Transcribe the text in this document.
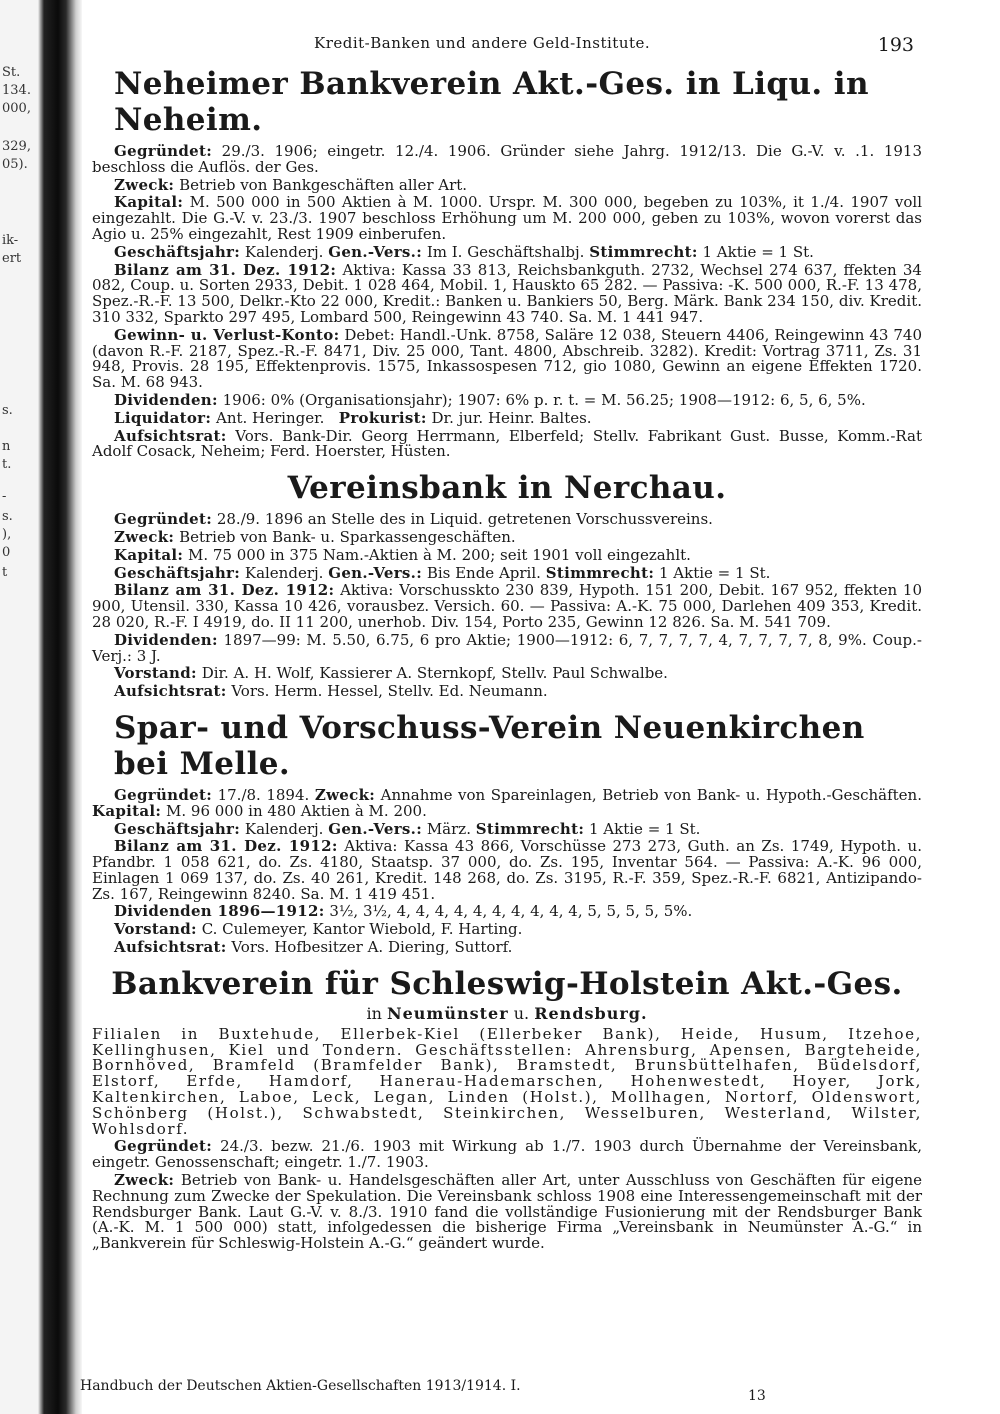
St.
134.
000,
329,
05).
ik-
ert
s.
n
t.
-
s.
),
0
t
Kredit-Banken und andere Geld-Institute.	193
Neheimer Bankverein Akt.-Ges. in Liqu. in Neheim.

Gegründet: 29./3. 1906; eingetr. 12./4. 1906. Gründer siehe Jahrg. 1912/13. Die G.-V. v. .1. 1913 beschloss die Auflös. der Ges.

Zweck: Betrieb von Bankgeschäften aller Art.

Kapital: M. 500 000 in 500 Aktien à M. 1000. Urspr. M. 300 000, begeben zu 103%, it 1./4. 1907 voll eingezahlt. Die G.-V. v. 23./3. 1907 beschloss Erhöhung um M. 200 000, geben zu 103%, wovon vorerst das Agio u. 25% eingezahlt, Rest 1909 einberufen.

Geschäftsjahr: Kalenderj. Gen.-Vers.: Im I. Geschäftshalbj. Stimmrecht: 1 Aktie = 1 St.

Bilanz am 31. Dez. 1912: Aktiva: Kassa 33 813, Reichsbankguth. 2732, Wechsel 274 637, ffekten 34 082, Coup. u. Sorten 2933, Debit. 1 028 464, Mobil. 1, Hauskto 65 282. — Passiva: -K. 500 000, R.-F. 13 478, Spez.-R.-F. 13 500, Delkr.-Kto 22 000, Kredit.: Banken u. Bankiers 50, Berg. Märk. Bank 234 150, div. Kredit. 310 332, Sparkto 297 495, Lombard 500, Reingewinn 43 740. Sa. M. 1 441 947.

Gewinn- u. Verlust-Konto: Debet: Handl.-Unk. 8758, Saläre 12 038, Steuern 4406, Reingewinn 43 740 (davon R.-F. 2187, Spez.-R.-F. 8471, Div. 25 000, Tant. 4800, Abschreib. 3282). Kredit: Vortrag 3711, Zs. 31 948, Provis. 28 195, Effektenprovis. 1575, Inkassospesen 712, gio 1080, Gewinn an eigene Effekten 1720. Sa. M. 68 943.

Dividenden: 1906: 0% (Organisationsjahr); 1907: 6% p. r. t. = M. 56.25; 1908—1912: 6, 5, 6, 5%.

Liquidator: Ant. Heringer. Prokurist: Dr. jur. Heinr. Baltes.

Aufsichtsrat: Vors. Bank-Dir. Georg Herrmann, Elberfeld; Stellv. Fabrikant Gust. Busse, Komm.-Rat Adolf Cosack, Neheim; Ferd. Hoerster, Hüsten.

Vereinsbank in Nerchau.

Gegründet: 28./9. 1896 an Stelle des in Liquid. getretenen Vorschussvereins.

Zweck: Betrieb von Bank- u. Sparkassengeschäften.

Kapital: M. 75 000 in 375 Nam.-Aktien à M. 200; seit 1901 voll eingezahlt.

Geschäftsjahr: Kalenderj. Gen.-Vers.: Bis Ende April. Stimmrecht: 1 Aktie = 1 St.

Bilanz am 31. Dez. 1912: Aktiva: Vorschusskto 230 839, Hypoth. 151 200, Debit. 167 952, ffekten 10 900, Utensil. 330, Kassa 10 426, vorausbez. Versich. 60. — Passiva: A.-K. 75 000, Darlehen 409 353, Kredit. 28 020, R.-F. I 4919, do. II 11 200, unerhob. Div. 154, Porto 235, Gewinn 12 826. Sa. M. 541 709.

Dividenden: 1897—99: M. 5.50, 6.75, 6 pro Aktie; 1900—1912: 6, 7, 7, 7, 7, 4, 7, 7, 7, 7, 8, 9%. Coup.-Verj.: 3 J.

Vorstand: Dir. A. H. Wolf, Kassierer A. Sternkopf, Stellv. Paul Schwalbe.

Aufsichtsrat: Vors. Herm. Hessel, Stellv. Ed. Neumann.

Spar- und Vorschuss-Verein Neuenkirchen bei Melle.

Gegründet: 17./8. 1894. Zweck: Annahme von Spareinlagen, Betrieb von Bank- u. Hypoth.-Geschäften. Kapital: M. 96 000 in 480 Aktien à M. 200.

Geschäftsjahr: Kalenderj. Gen.-Vers.: März. Stimmrecht: 1 Aktie = 1 St.

Bilanz am 31. Dez. 1912: Aktiva: Kassa 43 866, Vorschüsse 273 273, Guth. an Zs. 1749, Hypoth. u. Pfandbr. 1 058 621, do. Zs. 4180, Staatsp. 37 000, do. Zs. 195, Inventar 564. — Passiva: A.-K. 96 000, Einlagen 1 069 137, do. Zs. 40 261, Kredit. 148 268, do. Zs. 3195, R.-F. 359, Spez.-R.-F. 6821, Antizipando-Zs. 167, Reingewinn 8240. Sa. M. 1 419 451.

Dividenden 1896—1912: 3½, 3½, 4, 4, 4, 4, 4, 4, 4, 4, 4, 4, 5, 5, 5, 5, 5%.

Vorstand: C. Culemeyer, Kantor Wiebold, F. Harting.

Aufsichtsrat: Vors. Hofbesitzer A. Diering, Suttorf.

Bankverein für Schleswig-Holstein Akt.-Ges.
in Neumünster u. Rendsburg.

Filialen in Buxtehude, Ellerbek-Kiel (Ellerbeker Bank), Heide, Husum, Itzehoe, Kellinghusen, Kiel und Tondern. Geschäftsstellen: Ahrensburg, Apensen, Bargteheide, Bornhöved, Bramfeld (Bramfelder Bank), Bramstedt, Brunsbüttelhafen, Büdelsdorf, Elstorf, Erfde, Hamdorf, Hanerau-Hademarschen, Hohenwestedt, Hoyer, Jork, Kaltenkirchen, Laboe, Leck, Legan, Linden (Holst.), Mollhagen, Nortorf, Oldenswort, Schönberg (Holst.), Schwabstedt, Steinkirchen, Wesselburen, Westerland, Wilster, Wohlsdorf.

Gegründet: 24./3. bezw. 21./6. 1903 mit Wirkung ab 1./7. 1903 durch Übernahme der Vereinsbank, eingetr. Genossenschaft; eingetr. 1./7. 1903.

Zweck: Betrieb von Bank- u. Handelsgeschäften aller Art, unter Ausschluss von Geschäften für eigene Rechnung zum Zwecke der Spekulation. Die Vereinsbank schloss 1908 eine Interessengemeinschaft mit der Rendsburger Bank. Laut G.-V. v. 8./3. 1910 fand die vollständige Fusionierung mit der Rendsburger Bank (A.-K. M. 1 500 000) statt, infolgedessen die bisherige Firma „Vereinsbank in Neumünster A.-G.“ in „Bankverein für Schleswig-Holstein A.-G.“ geändert wurde.

Handbuch der Deutschen Aktien-Gesellschaften 1913/1914. I.
13
